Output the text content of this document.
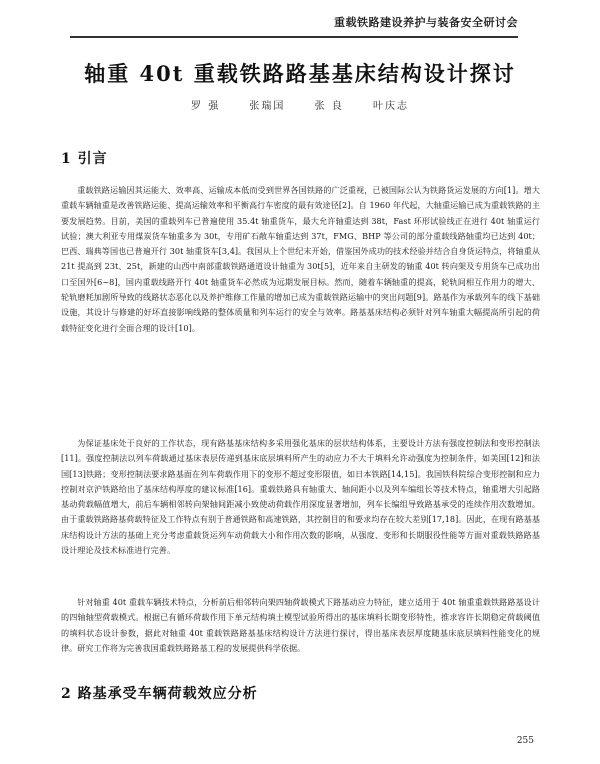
重载铁路建设养护与装备安全研讨会
轴重 40t 重载铁路路基基床结构设计探讨
罗 强	张瑞国	张 良	叶庆志
1 引言

重载铁路运输因其运能大、效率高、运输成本低而受到世界各国铁路的广泛重视，已被国际公认为铁路货运发展的方向[1]。增大重载车辆轴重是改善铁路运能、提高运输效率和平衡高行车密度的最有效途径[2]。自 1960 年代起，大轴重运输已成为重载铁路的主要发展趋势。目前，美国的重载列车已普遍使用 35.4t 轴重货车，最大允许轴重达到 38t，Fast 环形试验线正在进行 40t 轴重运行试验；澳大利亚专用煤炭货车轴重多为 30t，专用矿石敞车轴重达到 37t，FMG、BHP 等公司的部分重载线路轴重均已达到 40t；巴西、瑞典等国也已普遍开行 30t 轴重货车[3,4]。我国从上个世纪末开始，借鉴国外成功的技术经验并结合自身货运特点，将轴重从 21t 提高到 23t、25t，新建的山西中南部重载铁路通道设计轴重为 30t[5]，近年来自主研发的轴重 40t 转向架及专用货车已成功出口至国外[6~8]，国内重载线路开行 40t 轴重货车必然成为远期发展目标。然而，随着车辆轴重的提高，轮轨间相互作用力的增大、轮轨磨耗加剧所导致的线路状态恶化以及养护维修工作量的增加已成为重载铁路运输中的突出问题[9]。路基作为承载列车的线下基础设施，其设计与修建的好坏直接影响线路的整体质量和列车运行的安全与效率。路基基床结构必须针对列车轴重大幅提高所引起的荷载特征变化进行全面合理的设计[10]。

为保证基床处于良好的工作状态，现有路基基床结构多采用强化基床的层状结构体系，主要设计方法有强度控制法和变形控制法[11]。强度控制法以列车荷载通过基床表层传递到基床底层填料所产生的动应力不大于填料允许动强度为控制条件，如美国[12]和法国[13]铁路；变形控制法要求路基面在列车荷载作用下的变形不超过变形限值，如日本铁路[14,15]。我国铁科院综合变形控制和应力控制对京沪铁路给出了基床结构厚度的建议标准[16]。重载铁路具有轴重大、轴间距小以及列车编组长等技术特点，轴重增大引起路基动荷载幅值增大，前后车辆相邻转向架轴间距减小致使动荷载作用深度显著增加，列车长编组导致路基承受的连续作用次数增加。由于重载铁路路基荷载特征及工作特点有别于普通铁路和高速铁路，其控制目的和要求均存在较大差别[17,18]。因此，在现有路基基床结构设计方法的基础上充分考虑重载货运列车动荷载大小和作用次数的影响，从强度、变形和长期服役性能等方面对重载铁路路基设计理论及技术标准进行完善。

针对轴重 40t 重载车辆技术特点，分析前后相邻转向架四轴荷载模式下路基动应力特征，建立适用于 40t 轴重重载铁路路基设计的四轴轴型荷载模式。根据已有循环荷载作用下单元结构填土模型试验所得出的基床填料长期变形特性，推求容许长期稳定荷载阈值的填料状态设计参数，据此对轴重 40t 重载铁路路基基床结构设计方法进行探讨，得出基床表层厚度随基床底层填料性能变化的规律。研究工作将为完善我国重载铁路路基工程的发展提供科学依据。

2 路基承受车辆荷载效应分析
255
